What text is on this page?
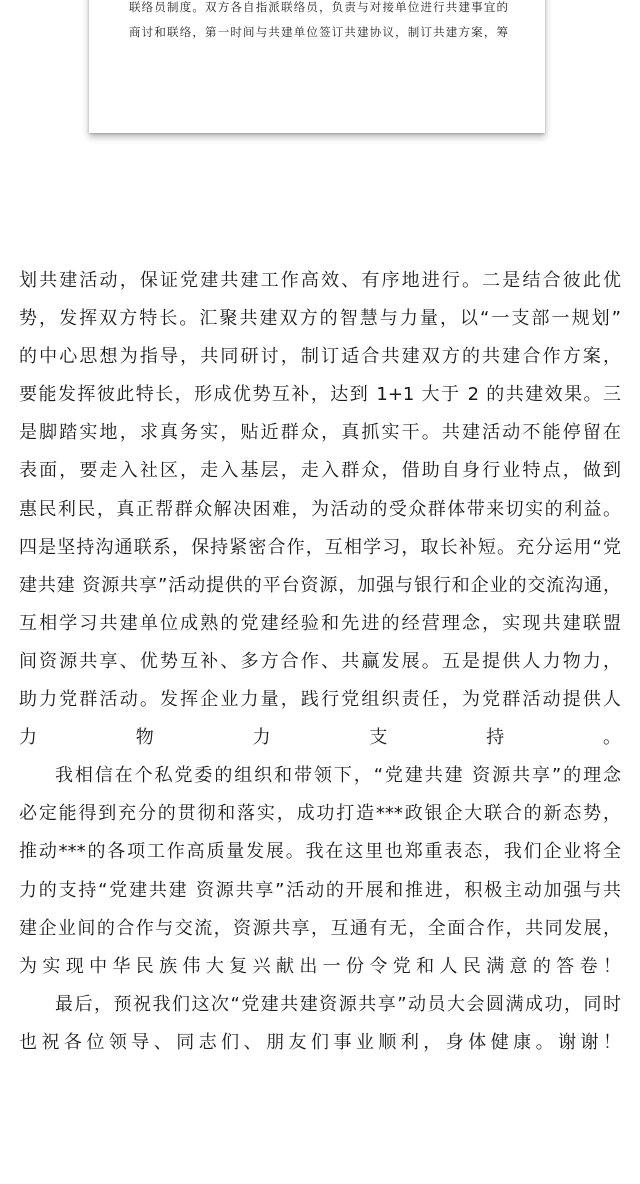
联络员制度。双方各自指派联络员，负责与对接单位进行共建事宜的
商讨和联络，第一时间与共建单位签订共建协议，制订共建方案，筹

划共建活动，保证党建共建工作高效、有序地进行。二是结合彼此优
势，发挥双方特长。汇聚共建双方的智慧与力量，以“一支部一规划”
的中心思想为指导，共同研讨，制订适合共建双方的共建合作方案，
要能发挥彼此特长，形成优势互补，达到 1+1 大于 2 的共建效果。三
是脚踏实地，求真务实，贴近群众，真抓实干。共建活动不能停留在
表面，要走入社区，走入基层，走入群众，借助自身行业特点，做到
惠民利民，真正帮群众解决困难，为活动的受众群体带来切实的利益。
四是坚持沟通联系，保持紧密合作，互相学习，取长补短。充分运用“党
建共建 资源共享”活动提供的平台资源，加强与银行和企业的交流沟通，
互相学习共建单位成熟的党建经验和先进的经营理念，实现共建联盟
间资源共享、优势互补、多方合作、共赢发展。五是提供人力物力，
助力党群活动。发挥企业力量，践行党组织责任，为党群活动提供人
力物力支持。

我相信在个私党委的组织和带领下，“党建共建 资源共享”的理念
必定能得到充分的贯彻和落实，成功打造***政银企大联合的新态势，
推动***的各项工作高质量发展。我在这里也郑重表态，我们企业将全
力的支持“党建共建 资源共享”活动的开展和推进，积极主动加强与共
建企业间的合作与交流，资源共享，互通有无，全面合作，共同发展，
为实现中华民族伟大复兴献出一份令党和人民满意的答卷！

最后，预祝我们这次“党建共建资源共享”动员大会圆满成功，同时
也祝各位领导、同志们、朋友们事业顺利，身体健康。谢谢！
